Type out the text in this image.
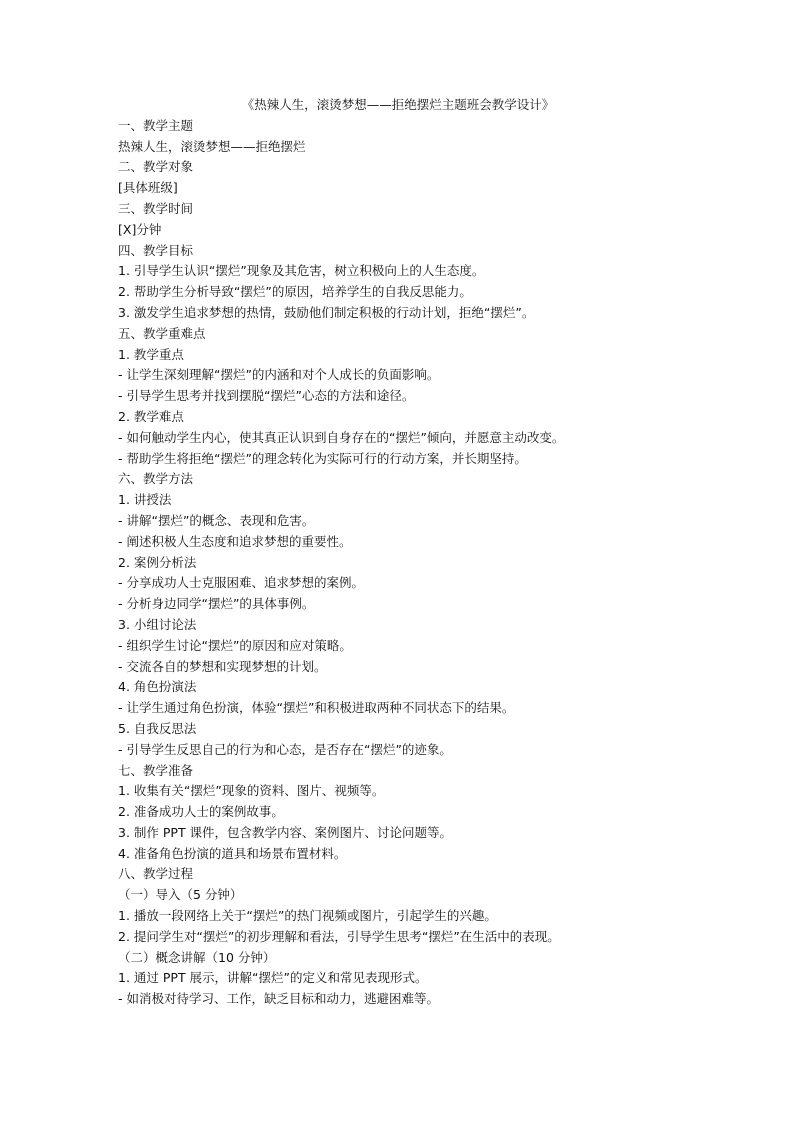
《热辣人生，滚烫梦想——拒绝摆烂主题班会教学设计》
一、教学主题
热辣人生，滚烫梦想——拒绝摆烂
二、教学对象
[具体班级]
三、教学时间
[X]分钟
四、教学目标
1. 引导学生认识“摆烂”现象及其危害，树立积极向上的人生态度。
2. 帮助学生分析导致“摆烂”的原因，培养学生的自我反思能力。
3. 激发学生追求梦想的热情，鼓励他们制定积极的行动计划，拒绝“摆烂”。
五、教学重难点
1. 教学重点
- 让学生深刻理解“摆烂”的内涵和对个人成长的负面影响。
- 引导学生思考并找到摆脱“摆烂”心态的方法和途径。
2. 教学难点
- 如何触动学生内心，使其真正认识到自身存在的“摆烂”倾向，并愿意主动改变。
- 帮助学生将拒绝“摆烂”的理念转化为实际可行的行动方案，并长期坚持。
六、教学方法
1. 讲授法
- 讲解“摆烂”的概念、表现和危害。
- 阐述积极人生态度和追求梦想的重要性。
2. 案例分析法
- 分享成功人士克服困难、追求梦想的案例。
- 分析身边同学“摆烂”的具体事例。
3. 小组讨论法
- 组织学生讨论“摆烂”的原因和应对策略。
- 交流各自的梦想和实现梦想的计划。
4. 角色扮演法
- 让学生通过角色扮演，体验“摆烂”和积极进取两种不同状态下的结果。
5. 自我反思法
- 引导学生反思自己的行为和心态，是否存在“摆烂”的迹象。
七、教学准备
1. 收集有关“摆烂”现象的资料、图片、视频等。
2. 准备成功人士的案例故事。
3. 制作 PPT 课件，包含教学内容、案例图片、讨论问题等。
4. 准备角色扮演的道具和场景布置材料。
八、教学过程
（一）导入（5 分钟）
1. 播放一段网络上关于“摆烂”的热门视频或图片，引起学生的兴趣。
2. 提问学生对“摆烂”的初步理解和看法，引导学生思考“摆烂”在生活中的表现。
（二）概念讲解（10 分钟）
1. 通过 PPT 展示，讲解“摆烂”的定义和常见表现形式。
- 如消极对待学习、工作，缺乏目标和动力，逃避困难等。
